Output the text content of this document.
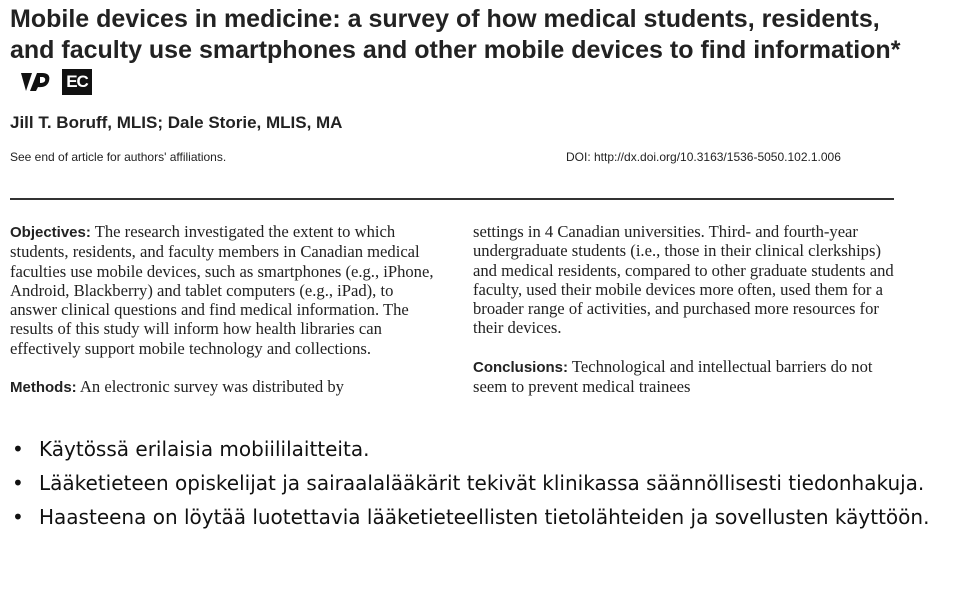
Mobile devices in medicine: a survey of how medical students, residents, and faculty use smartphones and other mobile devices to find information*
EC
Jill T. Boruff, MLIS; Dale Storie, MLIS, MA
See end of article for authors' affiliations.	DOI: http://dx.doi.org/10.3163/1536-5050.102.1.006

Objectives: The research investigated the extent to which students, residents, and faculty members in Canadian medical faculties use mobile devices, such as smartphones (e.g., iPhone, Android, Blackberry) and tablet computers (e.g., iPad), to answer clinical questions and find medical information. The results of this study will inform how health libraries can effectively support mobile technology and collections.

Methods: An electronic survey was distributed by

settings in 4 Canadian universities. Third- and fourth-year undergraduate students (i.e., those in their clinical clerkships) and medical residents, compared to other graduate students and faculty, used their mobile devices more often, used them for a broader range of activities, and purchased more resources for their devices.

Conclusions: Technological and intellectual barriers do not seem to prevent medical trainees

• Käytössä erilaisia mobiililaitteita.
• Lääketieteen opiskelijat ja sairaalalääkärit tekivät klinikassa säännöllisesti tiedonhakuja.
• Haasteena on löytää luotettavia lääketieteellisten tietolähteiden ja sovellusten käyttöön.
